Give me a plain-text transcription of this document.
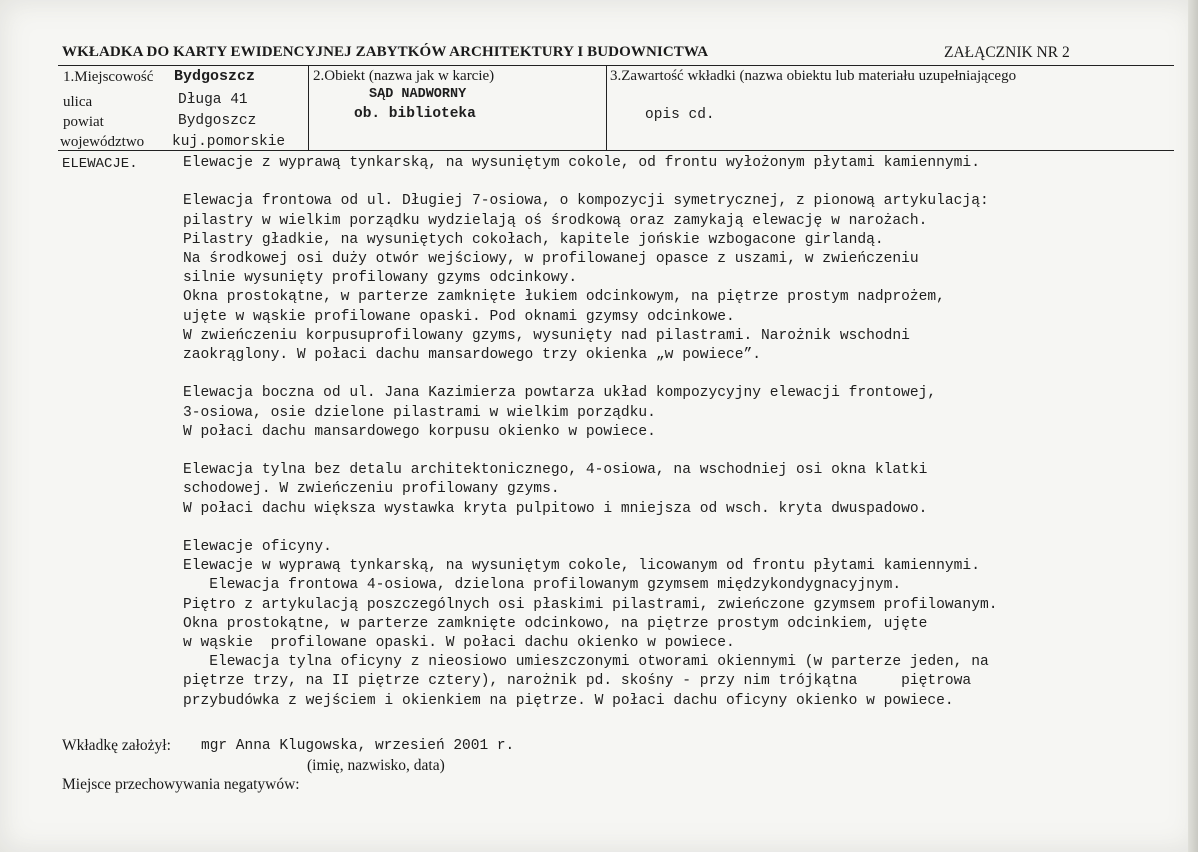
WKŁADKA DO KARTY EWIDENCYJNEJ ZABYTKÓW ARCHITEKTURY I BUDOWNICTWA	ZAŁĄCZNIK NR 2
1.Miejscowość Bydgoszcz
ulica	Długa 41
powiat	Bydgoszcz
województwo kuj.pomorskie
2.Obiekt (nazwa jak w karcie)
SĄD NADWORNY
ob. biblioteka
3.Zawartość wkładki (nazwa obiektu lub materiału uzupełniającego
opis cd.
ELEWACJE.	Elewacje z wyprawą tynkarską, na wysuniętym cokole, od frontu wyłożonym płytami kamiennymi.

Elewacja frontowa od ul. Długiej 7-osiowa, o kompozycji symetrycznej, z pionową artykulacją:
pilastry w wielkim porządku wydzielają oś środkową oraz zamykają elewację w narożach.
Pilastry gładkie, na wysuniętych cokołach, kapitele jońskie wzbogacone girlandą.
Na środkowej osi duży otwór wejściowy, w profilowanej opasce z uszami, w zwieńczeniu
silnie wysunięty profilowany gzyms odcinkowy.
Okna prostokątne, w parterze zamknięte łukiem odcinkowym, na piętrze prostym nadprożem,
ujęte w wąskie profilowane opaski. Pod oknami gzymsy odcinkowe.
W zwieńczeniu korpusuprofilowany gzyms, wysunięty nad pilastrami. Narożnik wschodni
zaokrąglony. W połaci dachu mansardowego trzy okienka „w powiece”.

Elewacja boczna od ul. Jana Kazimierza powtarza układ kompozycyjny elewacji frontowej,
3-osiowa, osie dzielone pilastrami w wielkim porządku.
W połaci dachu mansardowego korpusu okienko w powiece.

Elewacja tylna bez detalu architektonicznego, 4-osiowa, na wschodniej osi okna klatki
schodowej. W zwieńczeniu profilowany gzyms.
W połaci dachu większa wystawka kryta pulpitowo i mniejsza od wsch. kryta dwuspadowo.

Elewacje oficyny.
Elewacje w wyprawą tynkarską, na wysuniętym cokole, licowanym od frontu płytami kamiennymi.
Elewacja frontowa 4-osiowa, dzielona profilowanym gzymsem międzykondygnacyjnym.
Piętro z artykulacją poszczególnych osi płaskimi pilastrami, zwieńczone gzymsem profilowanym.
Okna prostokątne, w parterze zamknięte odcinkowo, na piętrze prostym odcinkiem, ujęte
w wąskie  profilowane opaski. W połaci dachu okienko w powiece.
Elewacja tylna oficyny z nieosiowo umieszczonymi otworami okiennymi (w parterze jeden, na
piętrze trzy, na II piętrze cztery), narożnik pd. skośny - przy nim trójkątna     piętrowa
przybudówka z wejściem i okienkiem na piętrze. W połaci dachu oficyny okienko w powiece.
Wkładkę założył: mgr Anna Klugowska, wrzesień 2001 r.
(imię, nazwisko, data)
Miejsce przechowywania negatywów:
